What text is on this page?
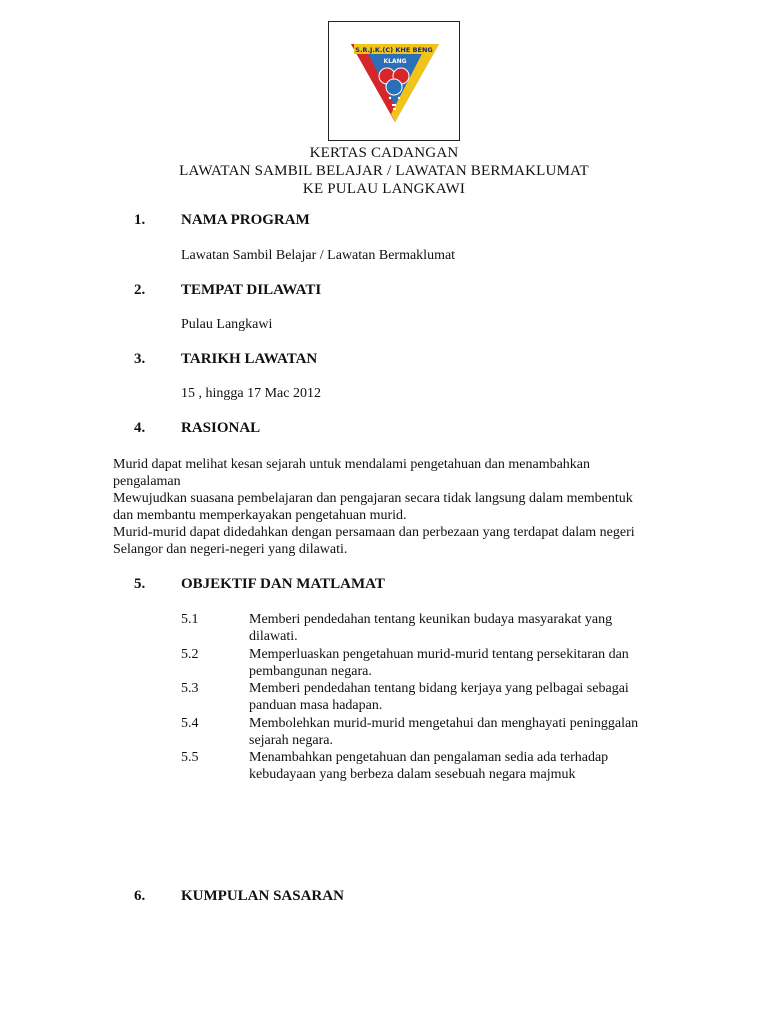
S.R.J.K.(C) KHE BENG
KLANG
KERTAS CADANGAN
LAWATAN SAMBIL BELAJAR / LAWATAN BERMAKLUMAT
KE PULAU LANGKAWI
1. NAMA PROGRAM
Lawatan Sambil Belajar / Lawatan Bermaklumat
2. TEMPAT DILAWATI
Pulau Langkawi
3. TARIKH LAWATAN
15 , hingga 17 Mac 2012
4. RASIONAL
Murid dapat melihat kesan sejarah untuk mendalami pengetahuan dan menambahkan pengalaman
Mewujudkan suasana pembelajaran dan pengajaran secara tidak langsung dalam membentuk dan membantu memperkayakan pengetahuan murid.
Murid-murid dapat didedahkan dengan persamaan dan perbezaan yang terdapat dalam negeri Selangor dan negeri-negeri yang dilawati.
5. OBJEKTIF DAN MATLAMAT
5.1	Memberi pendedahan tentang keunikan budaya masyarakat yang dilawati.
5.2	Memperluaskan pengetahuan murid-murid tentang persekitaran dan pembangunan negara.
5.3	Memberi pendedahan tentang bidang kerjaya yang pelbagai sebagai panduan masa hadapan.
5.4	Membolehkan murid-murid mengetahui dan menghayati peninggalan sejarah negara.
5.5	Menambahkan pengetahuan dan pengalaman sedia ada terhadap kebudayaan yang berbeza dalam sesebuah negara majmuk
6. KUMPULAN SASARAN
